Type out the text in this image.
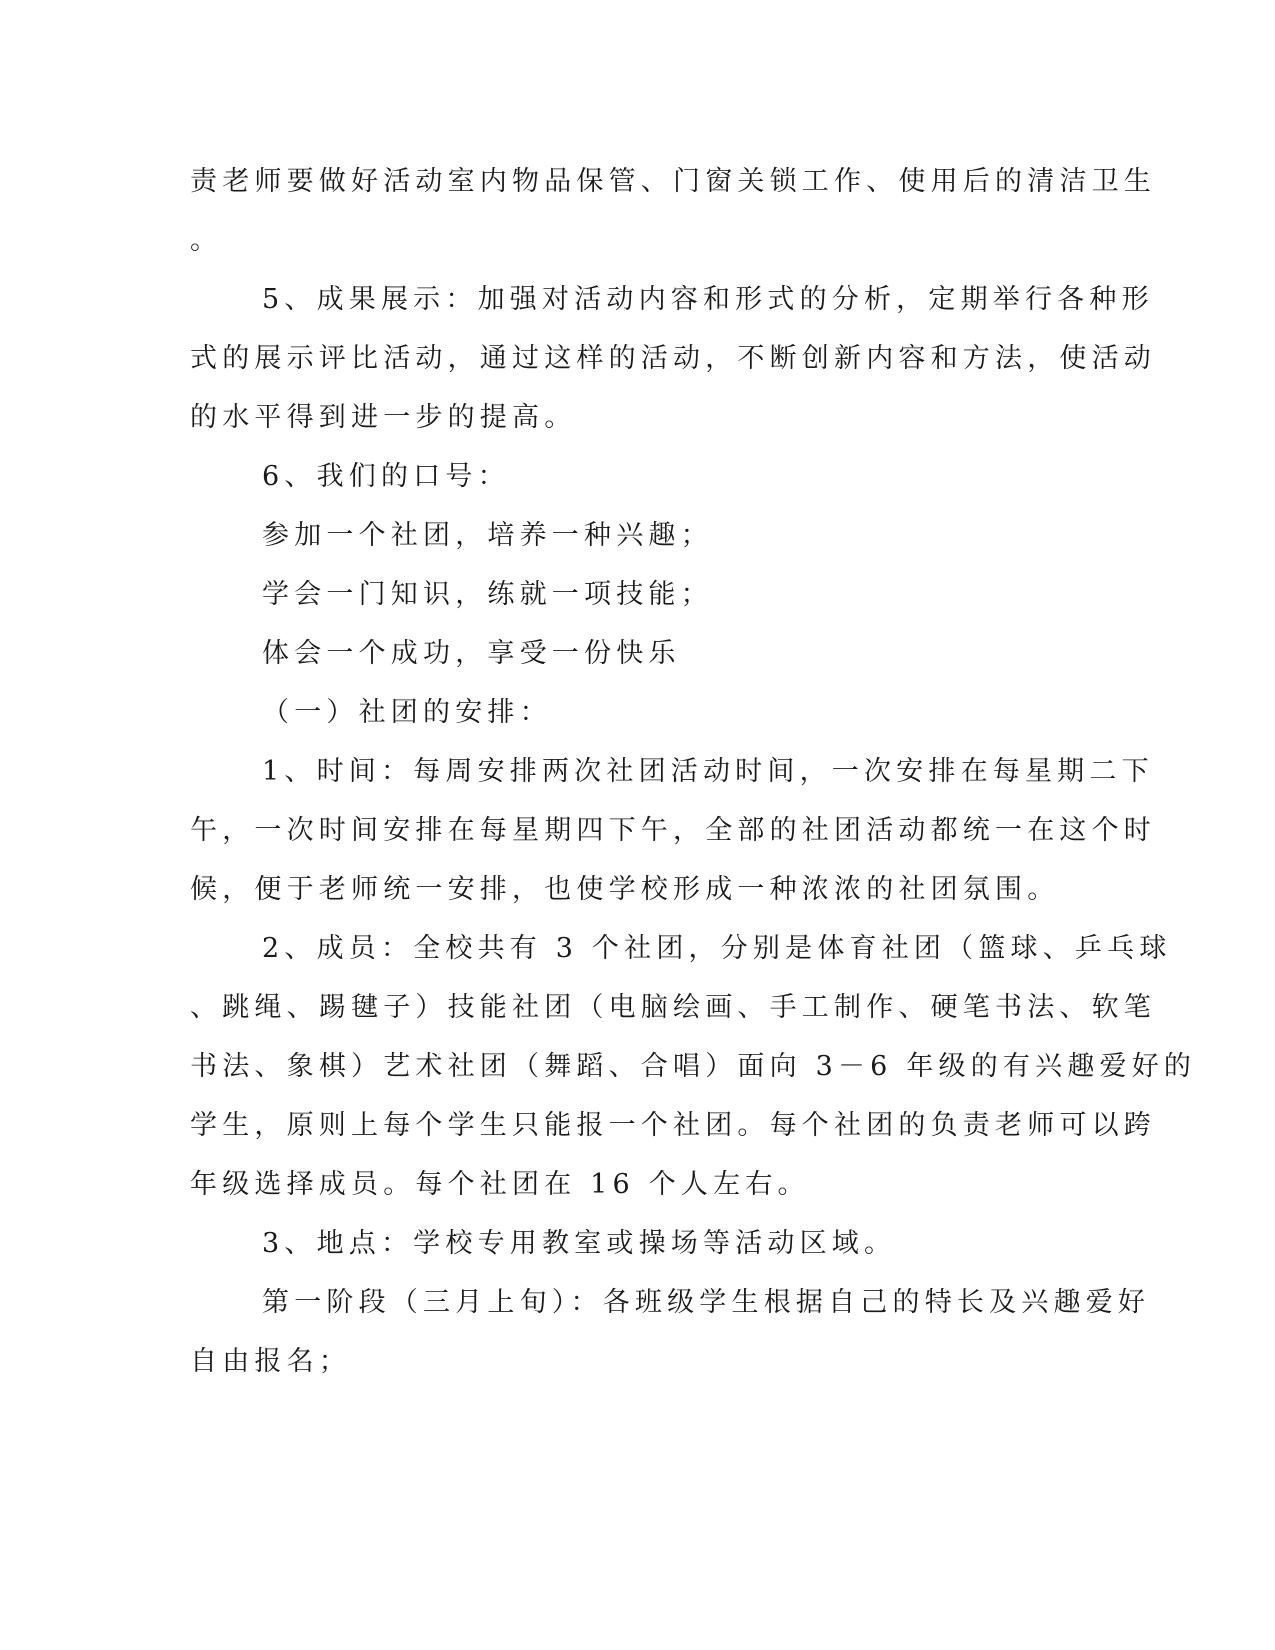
责老师要做好活动室内物品保管、门窗关锁工作、使用后的清洁卫生

。

5、成果展示：加强对活动内容和形式的分析，定期举行各种形

式的展示评比活动，通过这样的活动，不断创新内容和方法，使活动

的水平得到进一步的提高。

6、我们的口号：

参加一个社团，培养一种兴趣；

学会一门知识，练就一项技能；

体会一个成功，享受一份快乐

（一）社团的安排：

1、时间：每周安排两次社团活动时间，一次安排在每星期二下

午，一次时间安排在每星期四下午，全部的社团活动都统一在这个时

候，便于老师统一安排，也使学校形成一种浓浓的社团氛围。

2、成员：全校共有 3 个社团，分别是体育社团（篮球、乒乓球

、跳绳、踢毽子）技能社团（电脑绘画、手工制作、硬笔书法、软笔

书法、象棋）艺术社团（舞蹈、合唱）面向 3－6 年级的有兴趣爱好的

学生，原则上每个学生只能报一个社团。每个社团的负责老师可以跨

年级选择成员。每个社团在 16 个人左右。

3、地点：学校专用教室或操场等活动区域。

第一阶段（三月上旬）：各班级学生根据自己的特长及兴趣爱好

自由报名；
